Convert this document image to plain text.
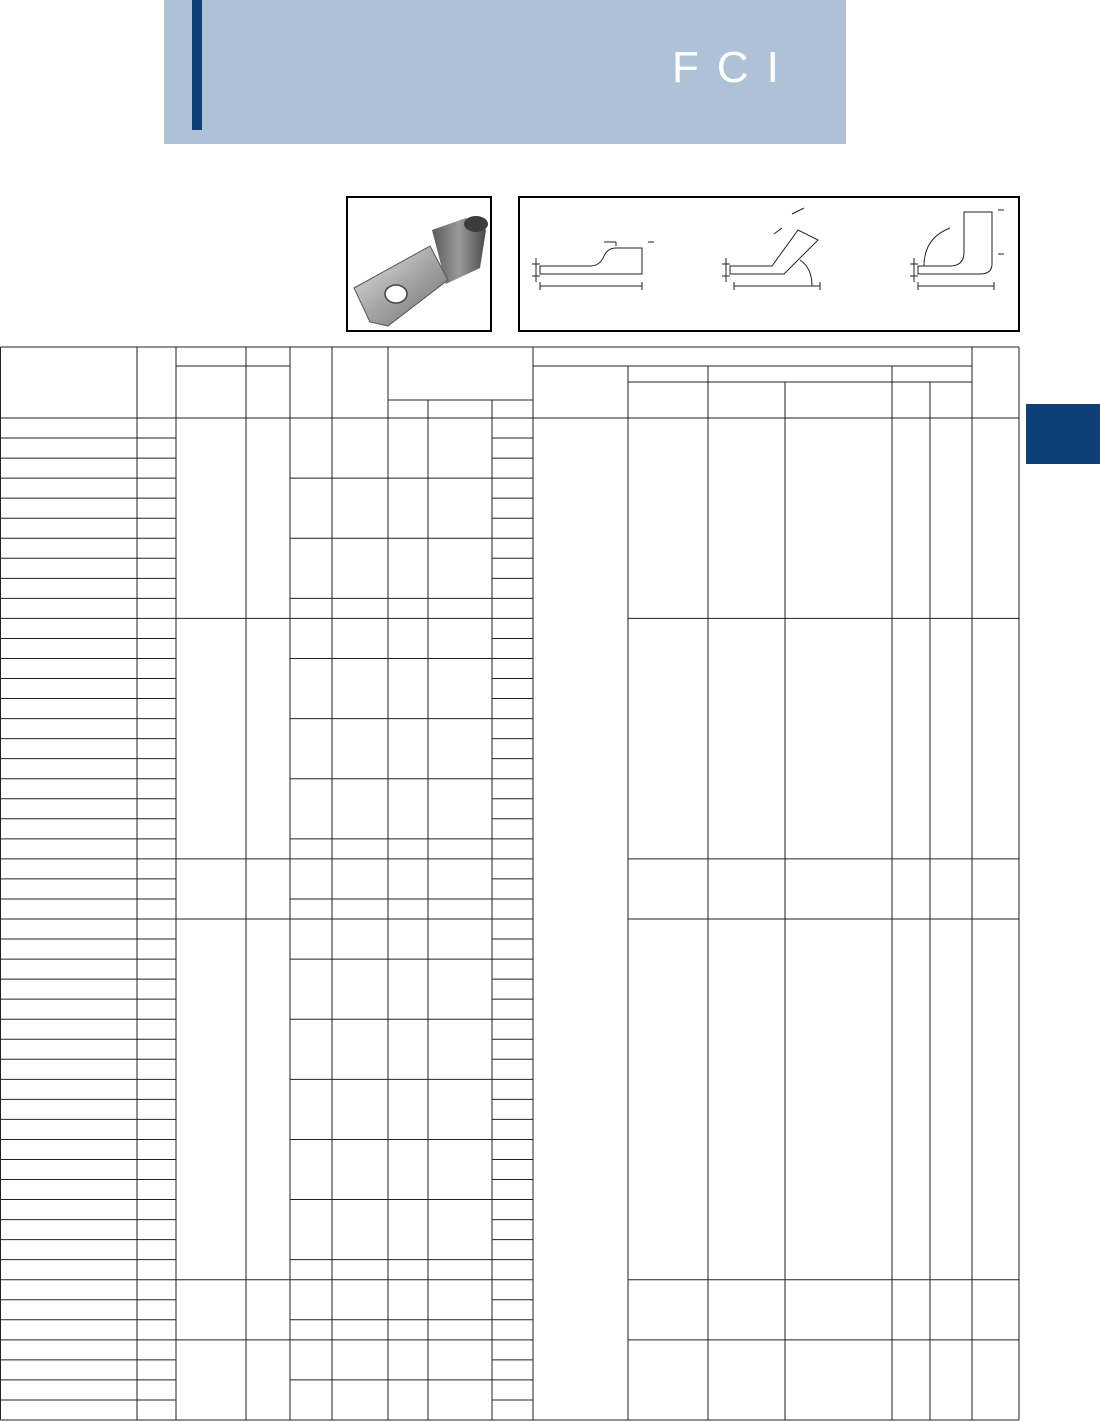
FCI
